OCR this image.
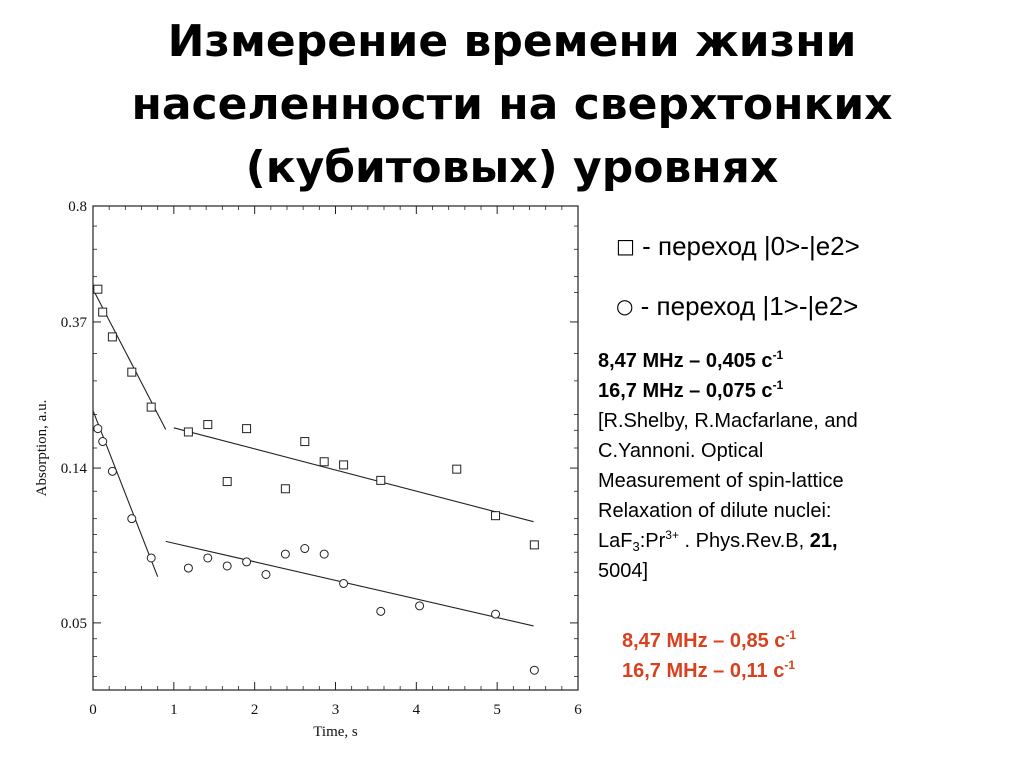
Измерение времени жизни
населенности на сверхтонких
(кубитовых) уровнях
0	1	2	3	4	5	6
0.05
0.14
0.37
0.8
Time, s
Absorption, a.u.
□ - переход |0>-|e2>
○ - переход |1>-|e2>
8,47 MHz – 0,405 $с^{-1}$
16,7 MHz – 0,075 $с^{-1}$
[R.Shelby, R.Macfarlane, and
C.Yannoni. Optical
Measurement of spin-lattice
Relaxation of dilute nuclei:
$LaF_3:Pr^{3+}$ . Phys.Rev.B, 21,
5004]
8,47 MHz – 0,85 $с^{-1}$
16,7 MHz – 0,11 $с^{-1}$
